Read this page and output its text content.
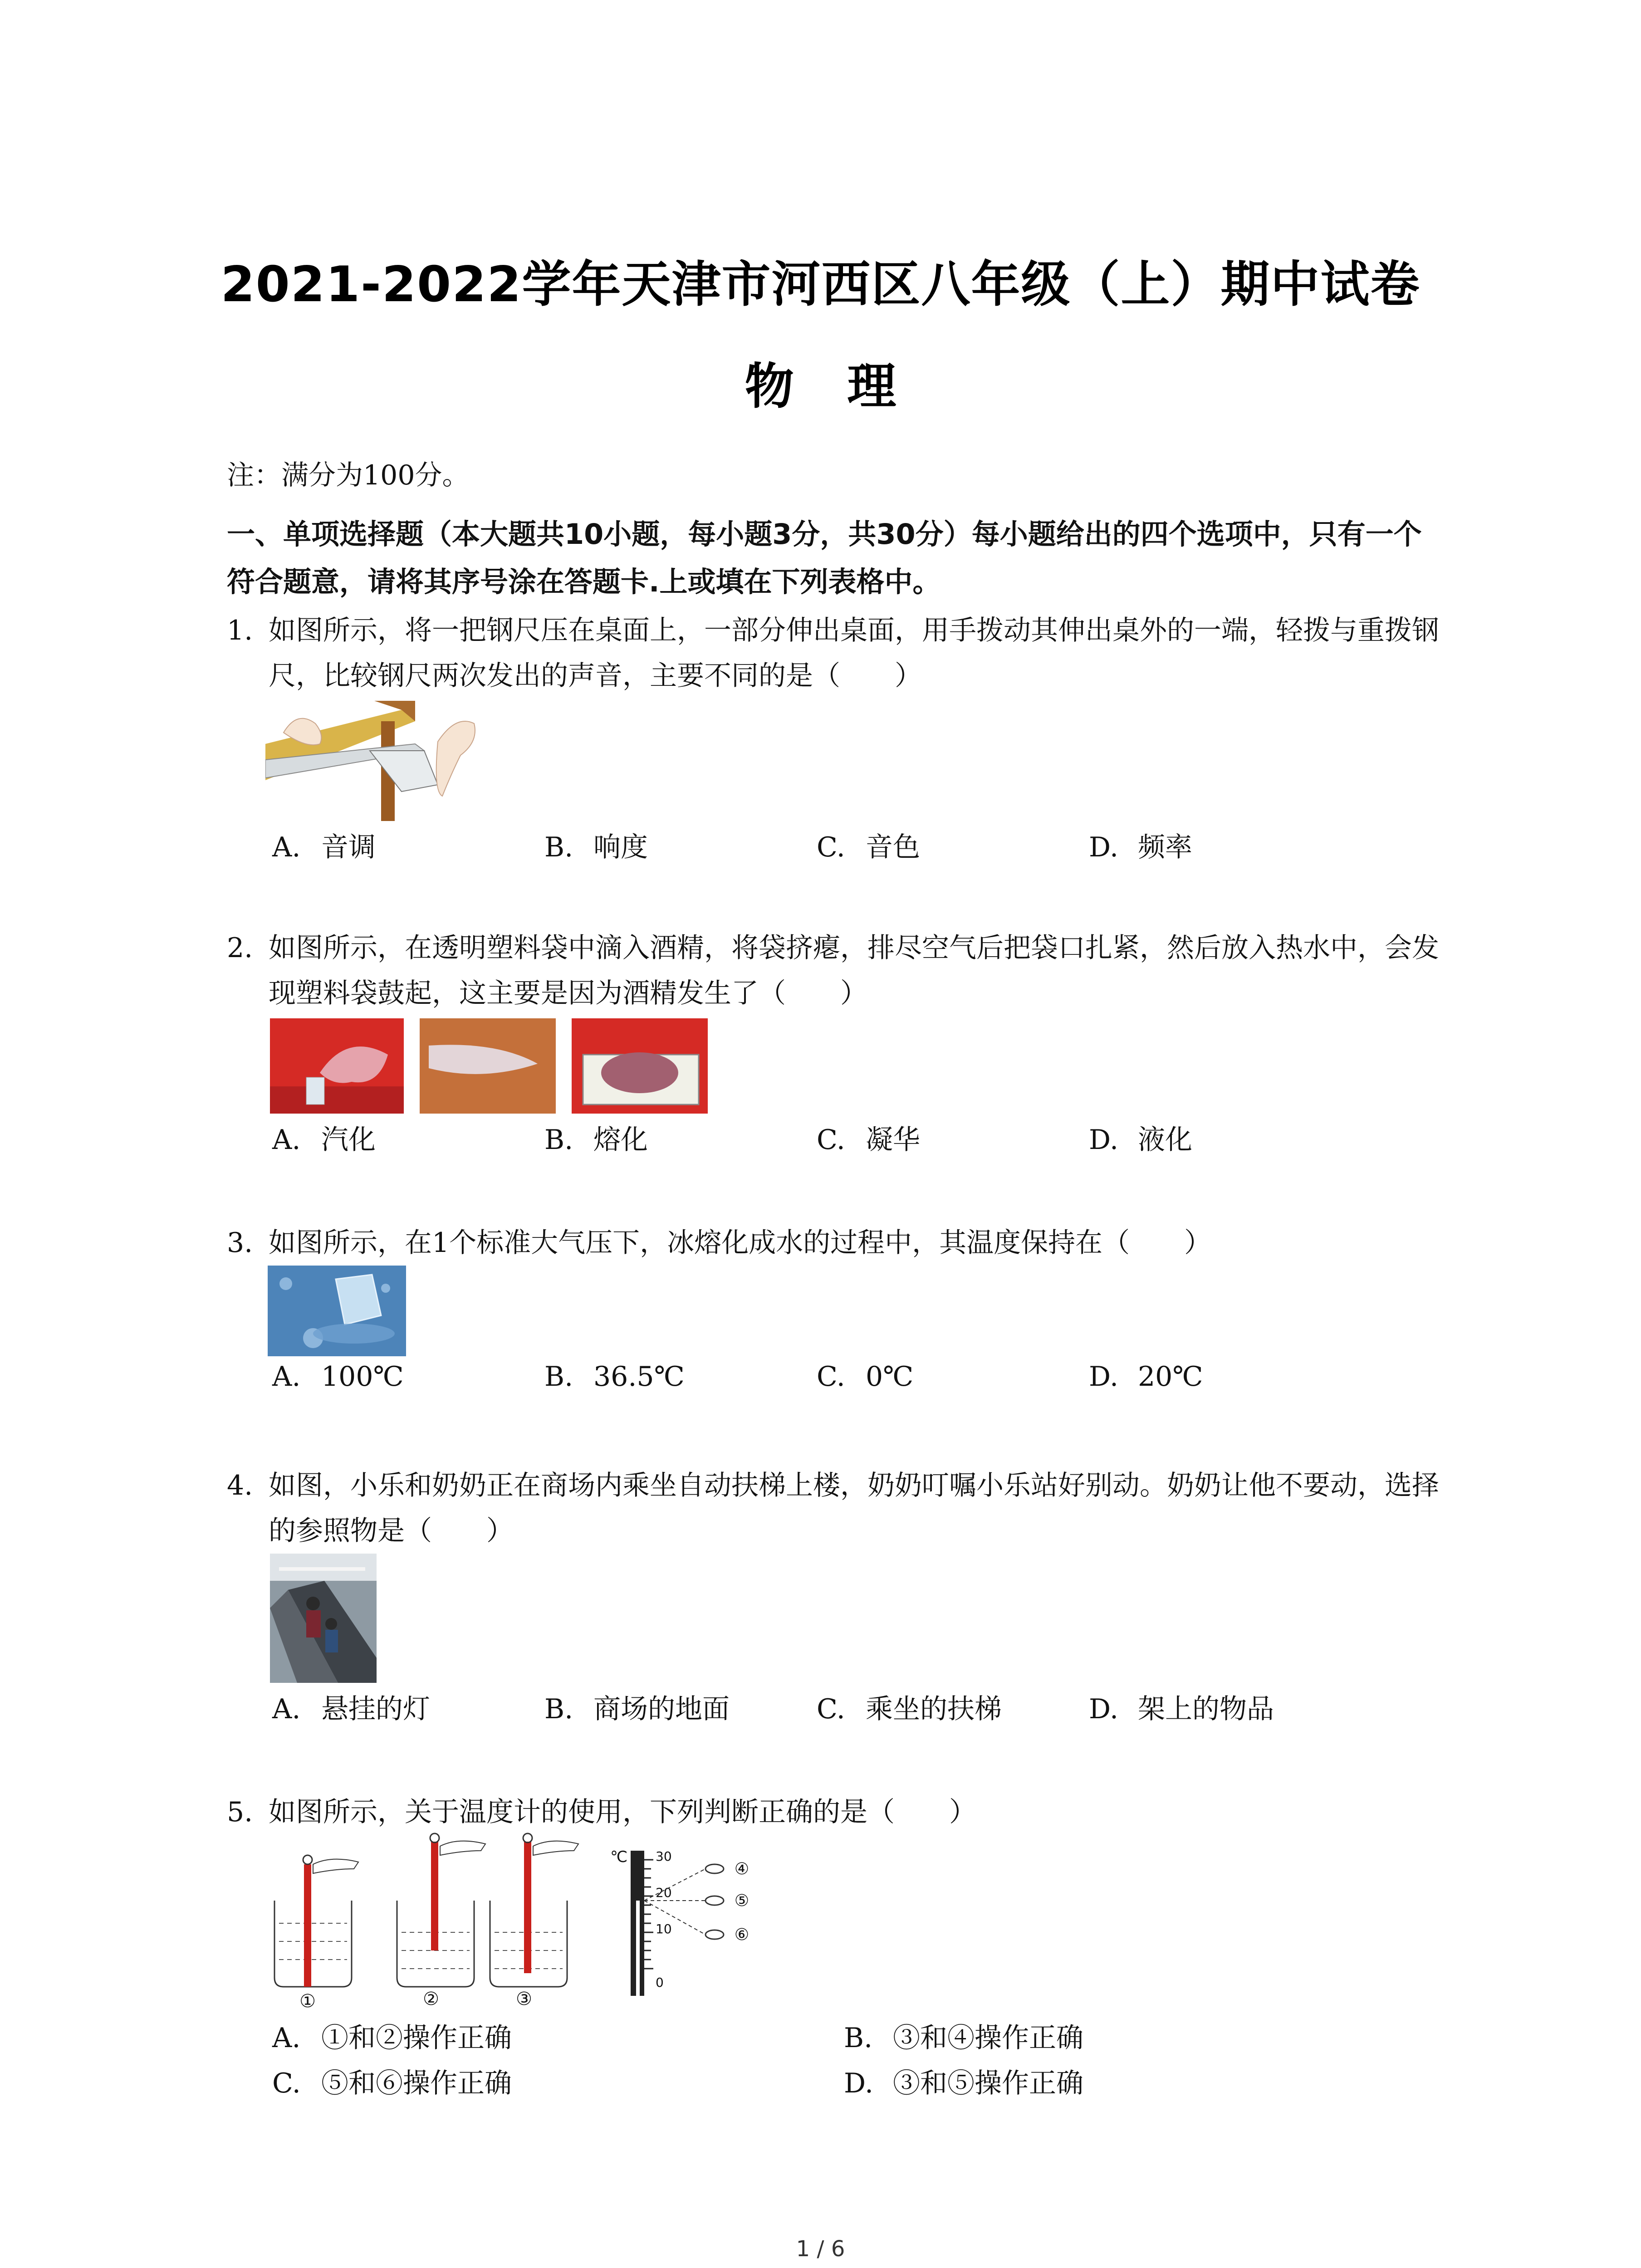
2021-2022学年天津市河西区八年级（上）期中试卷
物 理
注：满分为100分。
一、单项选择题（本大题共10小题，每小题3分，共30分）每小题给出的四个选项中，只有一个符合题意，请将其序号涂在答题卡.上或填在下列表格中。
1. 如图所示，将一把钢尺压在桌面上，一部分伸出桌面，用手拨动其伸出桌外的一端，轻拨与重拨钢尺，比较钢尺两次发出的声音，主要不同的是（　　）
A. 音调	B. 响度	C. 音色	D. 频率
2. 如图所示，在透明塑料袋中滴入酒精，将袋挤瘪，排尽空气后把袋口扎紧，然后放入热水中，会发现塑料袋鼓起，这主要是因为酒精发生了（　　）
A. 汽化	B. 熔化	C. 凝华	D. 液化
3. 如图所示，在1个标准大气压下，冰熔化成水的过程中，其温度保持在（　　）
A. 100℃	B. 36.5℃	C. 0℃	D. 20℃
4. 如图，小乐和奶奶正在商场内乘坐自动扶梯上楼，奶奶叮嘱小乐站好别动。奶奶让他不要动，选择的参照物是（　　）
A. 悬挂的灯	B. 商场的地面	C. 乘坐的扶梯	D. 架上的物品
5. 如图所示，关于温度计的使用，下列判断正确的是（　　）
①	②	③
℃ 30
20
10
0
④
⑤
⑥
A. ①和②操作正确	B. ③和④操作正确
C. ⑤和⑥操作正确	D. ③和⑤操作正确
1 / 6
